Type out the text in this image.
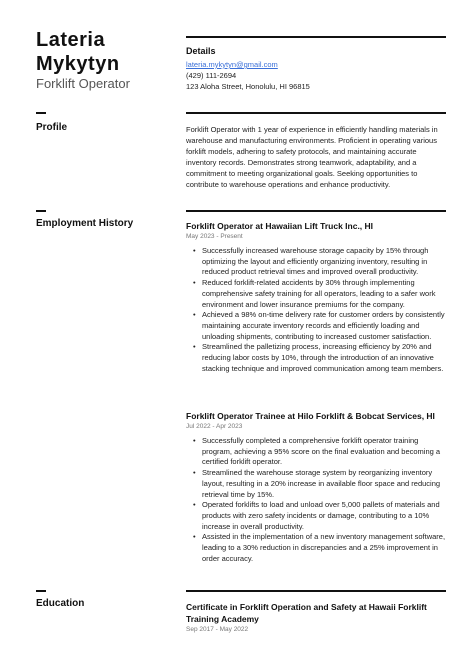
Lateria
Mykytyn
Forklift Operator
Details
lateria.mykytyn@gmail.com
(429) 111-2694
123 Aloha Street, Honolulu, HI 96815
Profile	Forklift Operator with 1 year of experience in efficiently handling materials in warehouse and manufacturing environments. Proficient in operating various forklift models, adhering to safety protocols, and maintaining accurate inventory records. Demonstrates strong teamwork, adaptability, and a commitment to meeting organizational goals. Seeking opportunities to contribute to warehouse operations and enhance productivity.
Employment History	Forklift Operator at Hawaiian Lift Truck Inc., HI
May 2023 - Present
• Successfully increased warehouse storage capacity by 15% through optimizing the layout and efficiently organizing inventory, resulting in reduced product retrieval times and improved overall productivity.
• Reduced forklift-related accidents by 30% through implementing comprehensive safety training for all operators, leading to a safer work environment and lower insurance premiums for the company.
• Achieved a 98% on-time delivery rate for customer orders by consistently maintaining accurate inventory records and efficiently loading and unloading shipments, contributing to increased customer satisfaction.
• Streamlined the palletizing process, increasing efficiency by 20% and reducing labor costs by 10%, through the introduction of an innovative stacking technique and improved communication among team members.
Forklift Operator Trainee at Hilo Forklift & Bobcat Services, HI
Jul 2022 - Apr 2023
• Successfully completed a comprehensive forklift operator training program, achieving a 95% score on the final evaluation and becoming a certified forklift operator.
• Streamlined the warehouse storage system by reorganizing inventory layout, resulting in a 20% increase in available floor space and reducing retrieval time by 15%.
• Operated forklifts to load and unload over 5,000 pallets of materials and products with zero safety incidents or damage, contributing to a 10% increase in overall productivity.
• Assisted in the implementation of a new inventory management software, leading to a 30% reduction in discrepancies and a 25% improvement in order accuracy.
Education	Certificate in Forklift Operation and Safety at Hawaii Forklift Training Academy
Sep 2017 - May 2022
